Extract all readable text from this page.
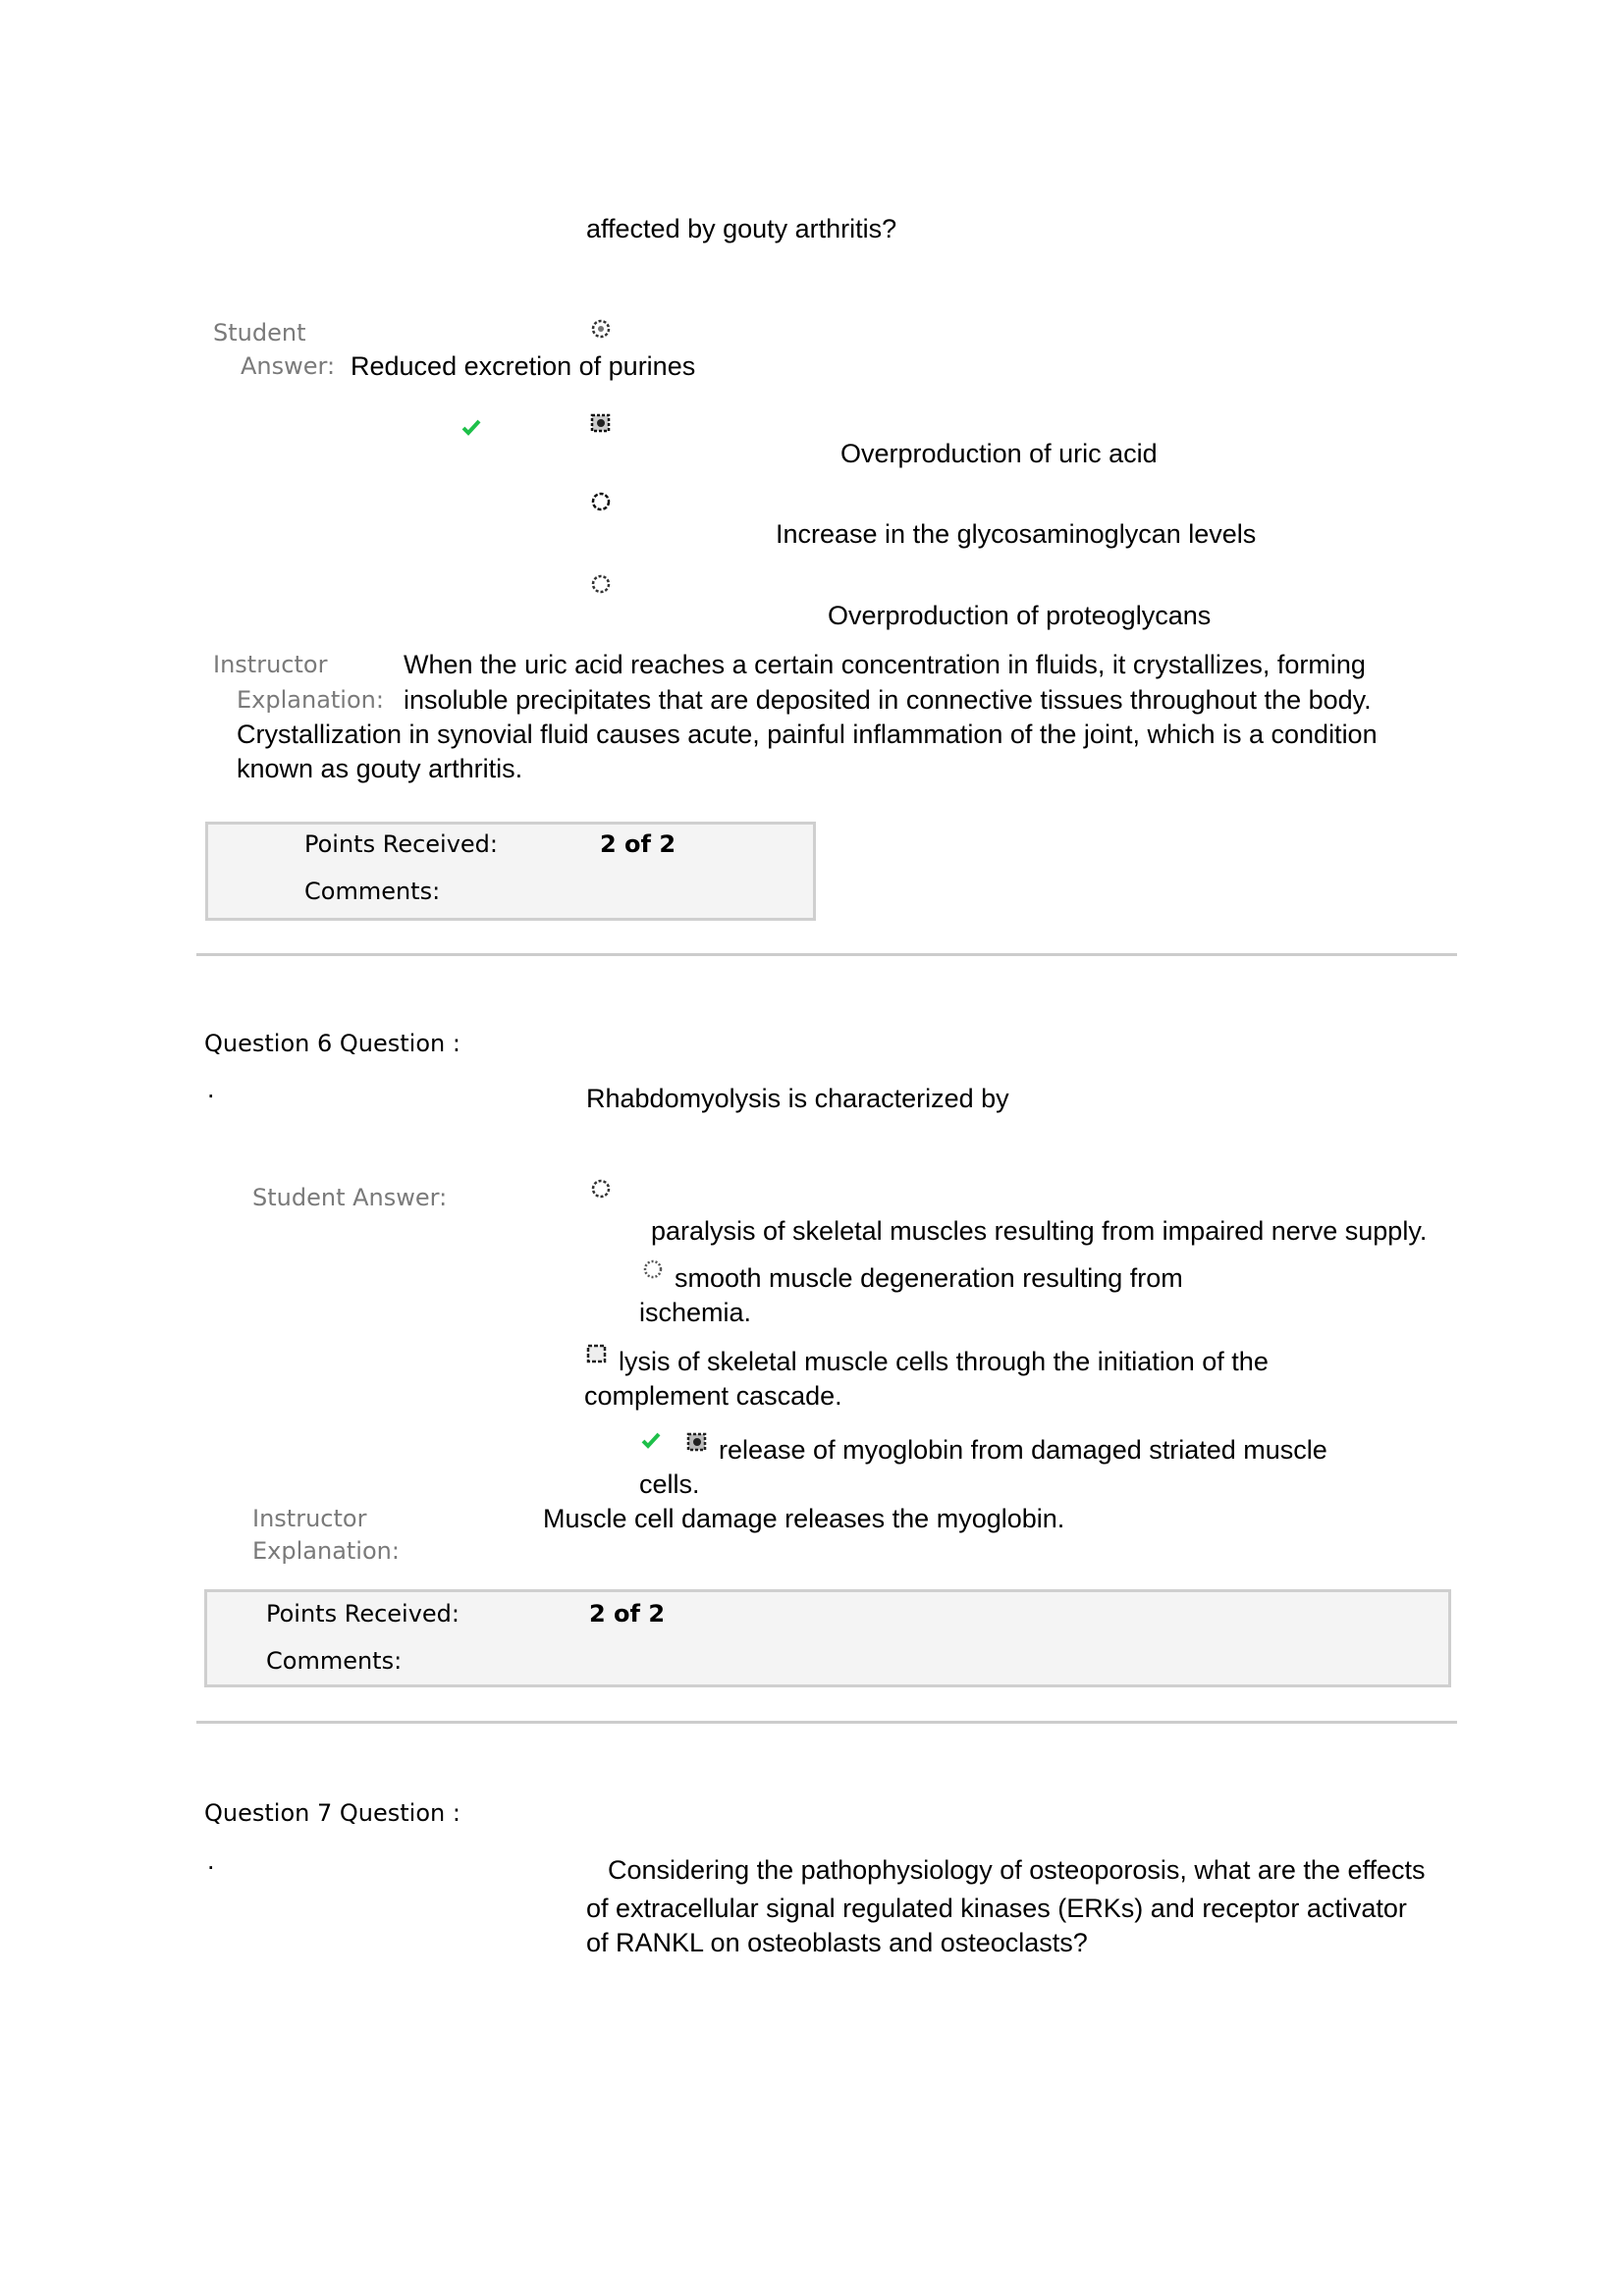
affected by gouty arthritis?
Student
Answer: Reduced excretion of purines
Overproduction of uric acid
Increase in the glycosaminoglycan levels
Overproduction of proteoglycans
Instructor
Explanation:
When the uric acid reaches a certain concentration in fluids, it crystallizes, forming
insoluble precipitates that are deposited in connective tissues throughout the body.
Crystallization in synovial fluid causes acute, painful inflammation of the joint, which is a condition
known as gouty arthritis.
Points Received:	2 of 2
Comments:
Question 6 Question :
.	Rhabdomyolysis is characterized by
Student Answer:
paralysis of skeletal muscles resulting from impaired nerve supply.
smooth muscle degeneration resulting from
ischemia.
lysis of skeletal muscle cells through the initiation of the
complement cascade.
release of myoglobin from damaged striated muscle
cells.
Instructor
Explanation:
Muscle cell damage releases the myoglobin.
Points Received:	2 of 2
Comments:
Question 7 Question :
.	Considering the pathophysiology of osteoporosis, what are the effects
of extracellular signal regulated kinases (ERKs) and receptor activator
of RANKL on osteoblasts and osteoclasts?
